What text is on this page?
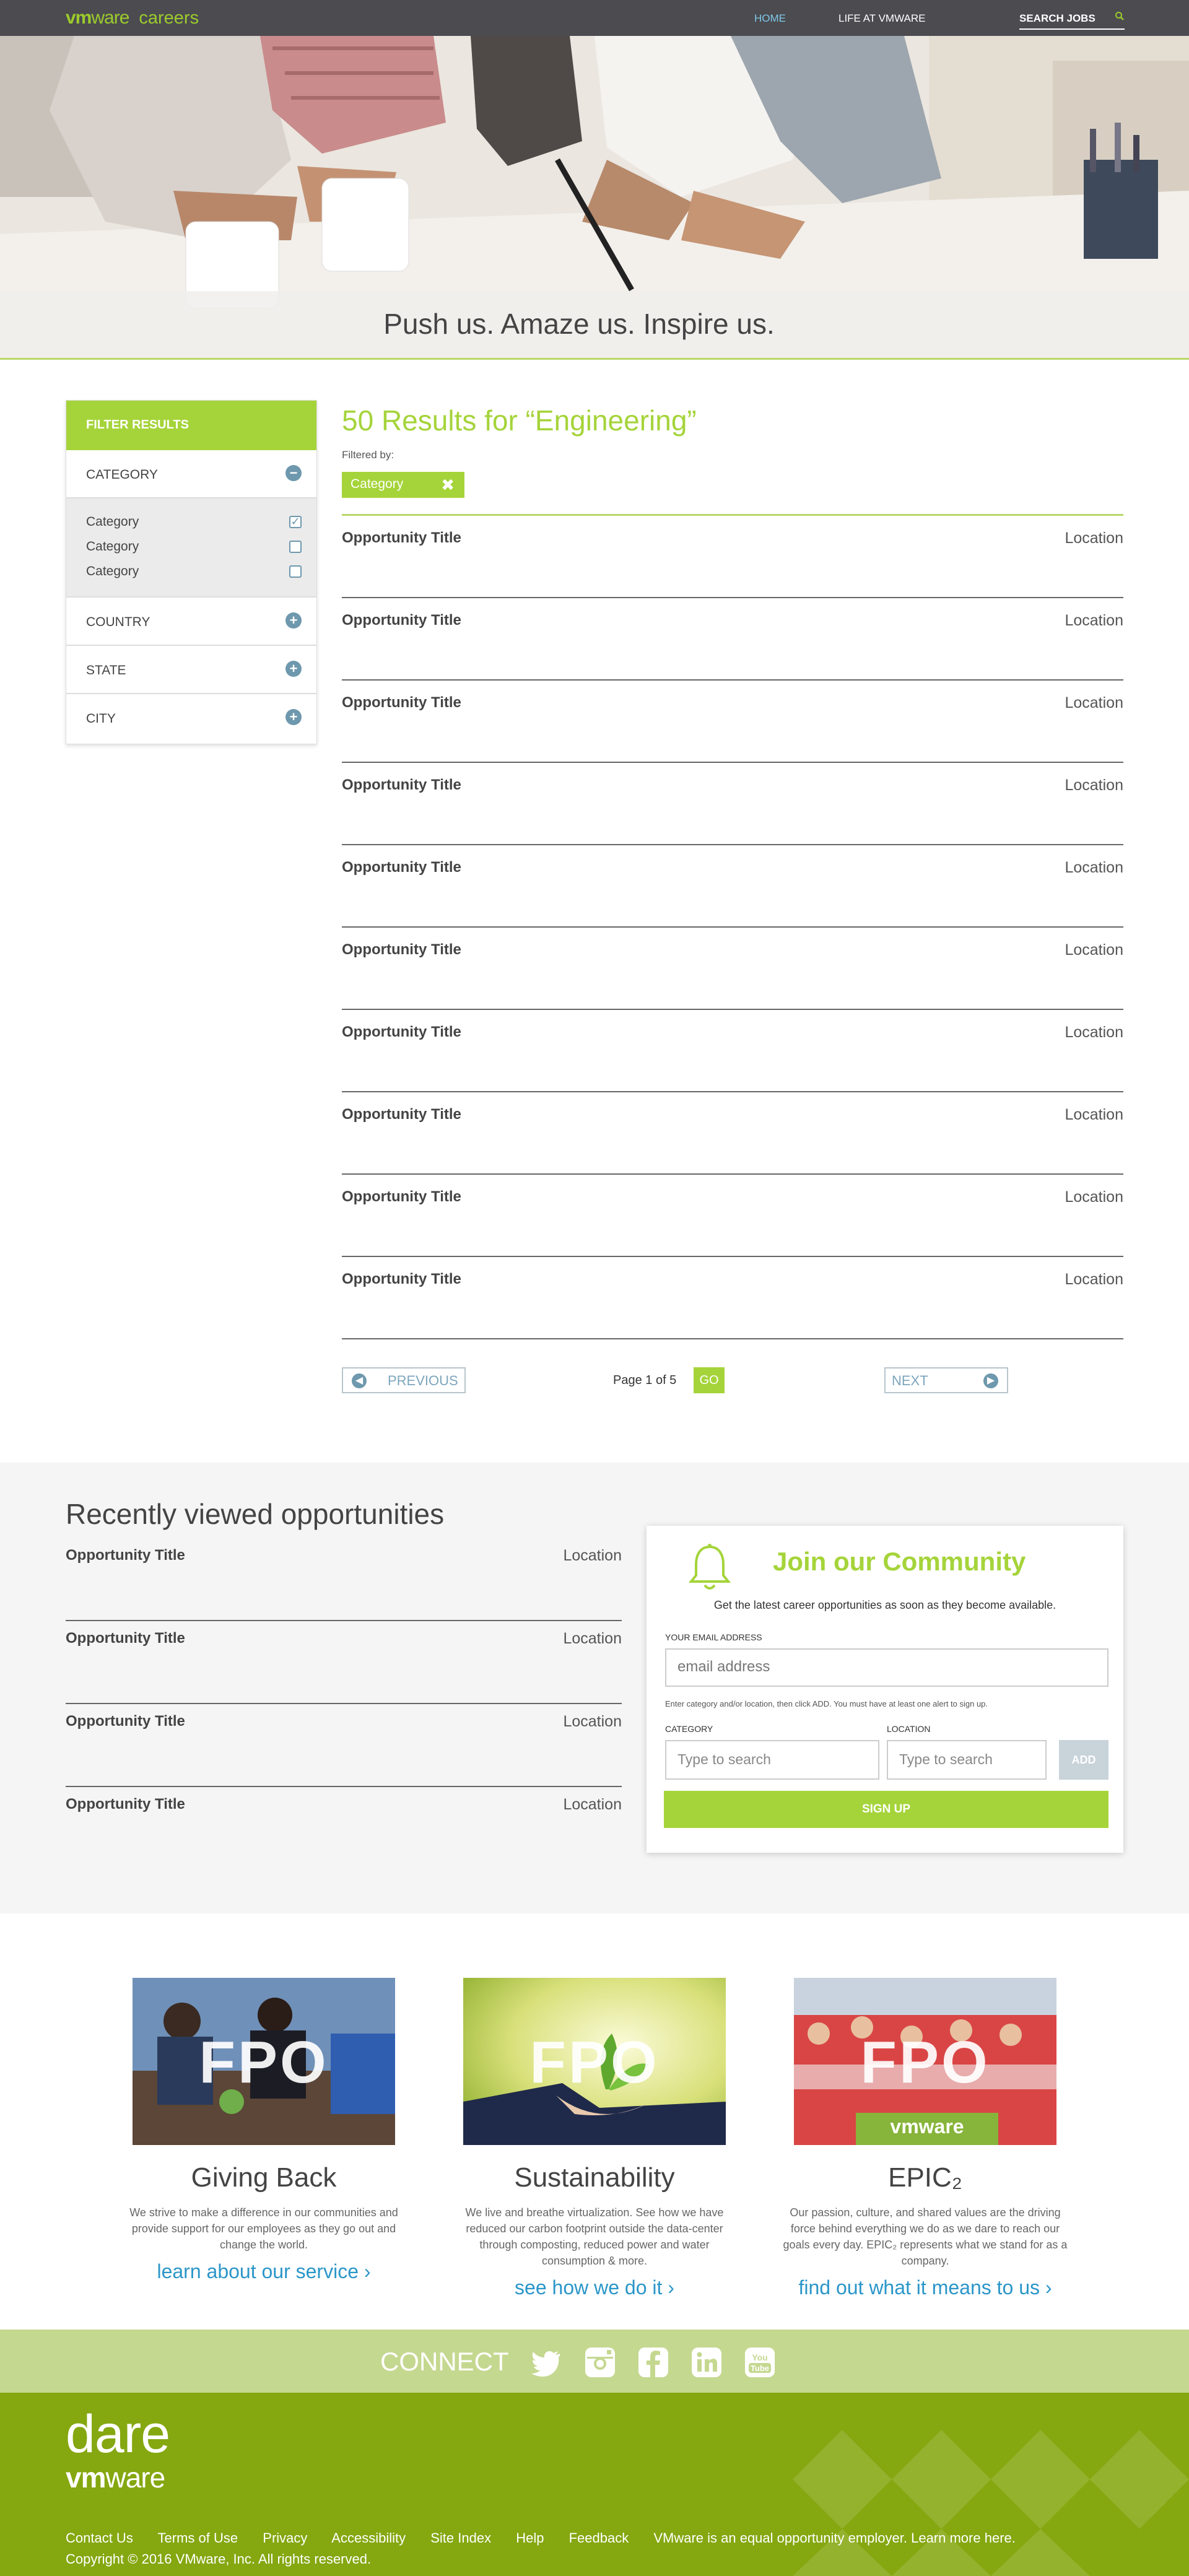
vmware careers	HOME	LIFE AT VMWARE	SEARCH JOBS
Push us. Amaze us. Inspire us.
FILTER RESULTS
CATEGORY	−
Category	✓
Category
Category
COUNTRY	+
STATE	+
CITY	+
50 Results for “Engineering”
Filtered by:
Category ✖
Opportunity Title	Location
Opportunity Title	Location
Opportunity Title	Location
Opportunity Title	Location
Opportunity Title	Location
Opportunity Title	Location
Opportunity Title	Location
Opportunity Title	Location
Opportunity Title	Location
Opportunity Title	Location
◀ PREVIOUS	Page 1 of 5	GO	NEXT	▶
Recently viewed opportunities
Opportunity Title	Location
Opportunity Title	Location
Opportunity Title	Location
Opportunity Title	Location
Join our Community
Get the latest career opportunities as soon as they become available.
YOUR EMAIL ADDRESS
email address
Enter category and/or location, then click ADD. You must have at least one alert to sign up.
CATEGORY	LOCATION
Type to search	Type to search	ADD
SIGN UP
FPO
Giving Back
We strive to make a difference in our communities and provide support for our employees as they go out and change the world.
learn about our service ›
FPO
Sustainability
We live and breathe virtualization. See how we have reduced our carbon footprint outside the data-center through composting, reduced power and water consumption & more.
see how we do it ›
FPO
vmware
EPIC₂
Our passion, culture, and shared values are the driving force behind everything we do as we dare to reach our goals every day. EPIC₂ represents what we stand for as a company.
find out what it means to us ›
CONNECT	You
Tube
dare
vmware
Contact Us Terms of Use Privacy Accessibility Site Index Help Feedback VMware is an equal opportunity employer. Learn more here.
Copyright © 2016 VMware, Inc. All rights reserved.
